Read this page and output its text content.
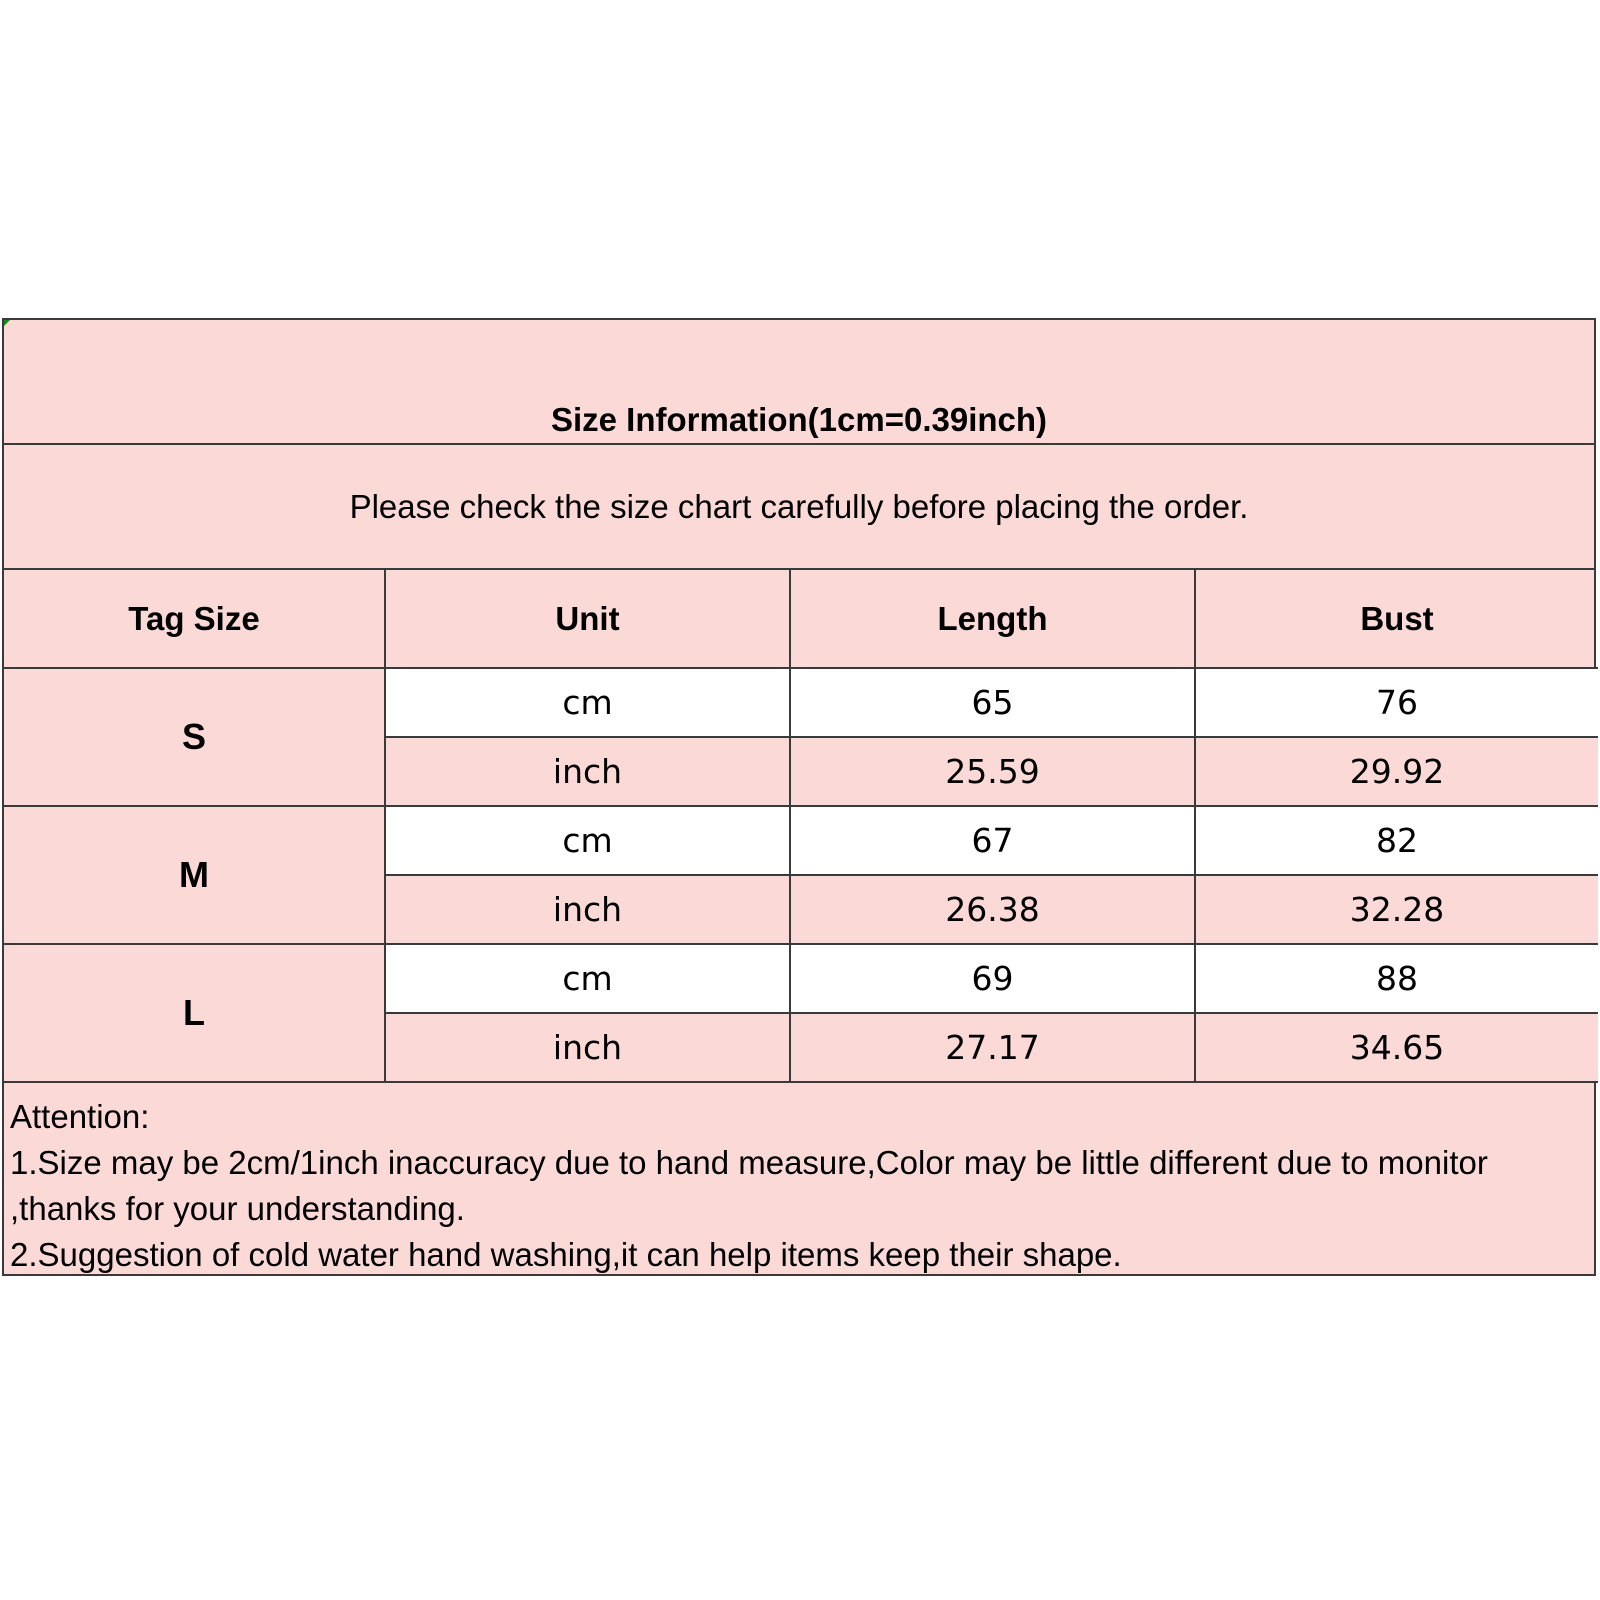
Size Information(1cm=0.39inch)
Please check the size chart carefully before placing the order.
Tag Size	Unit	Length	Bust
S	cm	65	76
	inch	25.59	29.92
M	cm	67	82
	inch	26.38	32.28
L	cm	69	88
	inch	27.17	34.65
Attention:
1.Size may be 2cm/1inch inaccuracy due to hand measure,Color may be little different due to monitor
,thanks for your understanding.
2.Suggestion of cold water hand washing,it can help items keep their shape.
